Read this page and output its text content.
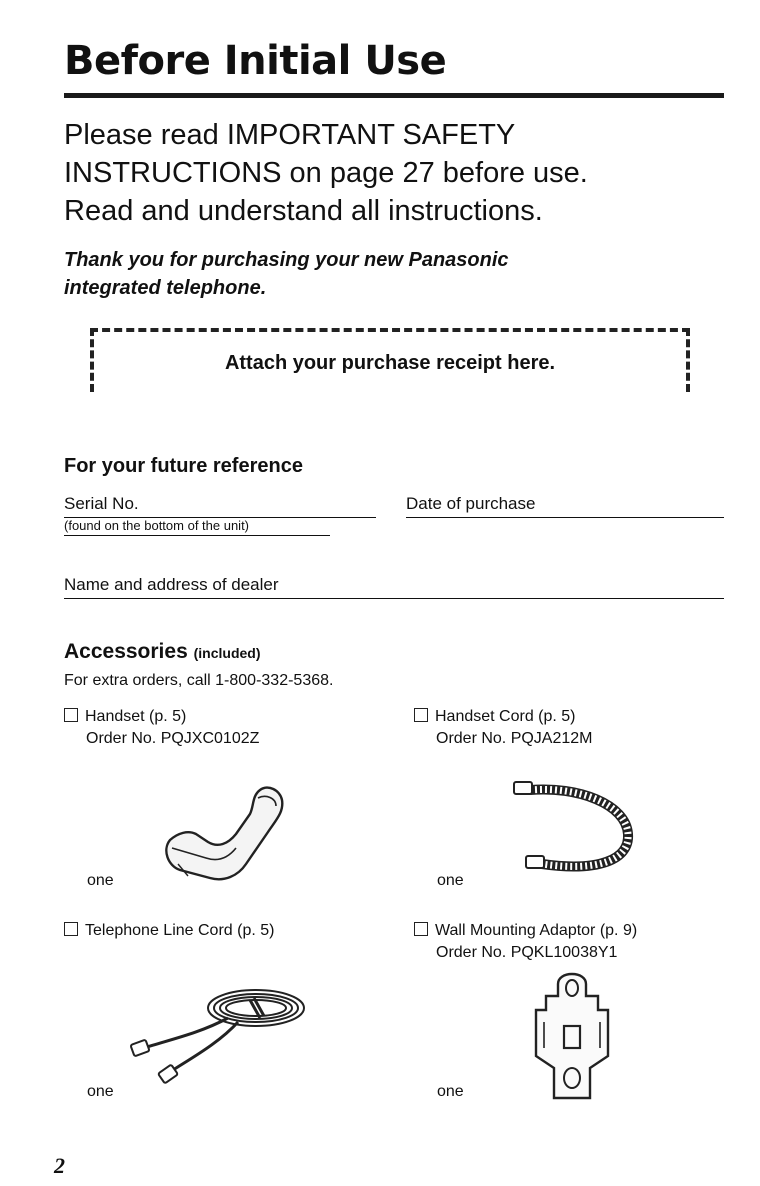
Before Initial Use
Please read IMPORTANT SAFETY
INSTRUCTIONS on page 27 before use.
Read and understand all instructions.
Thank you for purchasing your new Panasonic
integrated telephone.
Attach your purchase receipt here.
For your future reference
Serial No.	Date of purchase
(found on the bottom of the unit)
Name and address of dealer
Accessories (included)
For extra orders, call 1-800-332-5368.
Handset (p. 5)
Order No. PQJXC0102Z
one
Handset Cord (p. 5)
Order No. PQJA212M
one
Telephone Line Cord (p. 5)
one
Wall Mounting Adaptor (p. 9)
Order No. PQKL10038Y1
one
2
